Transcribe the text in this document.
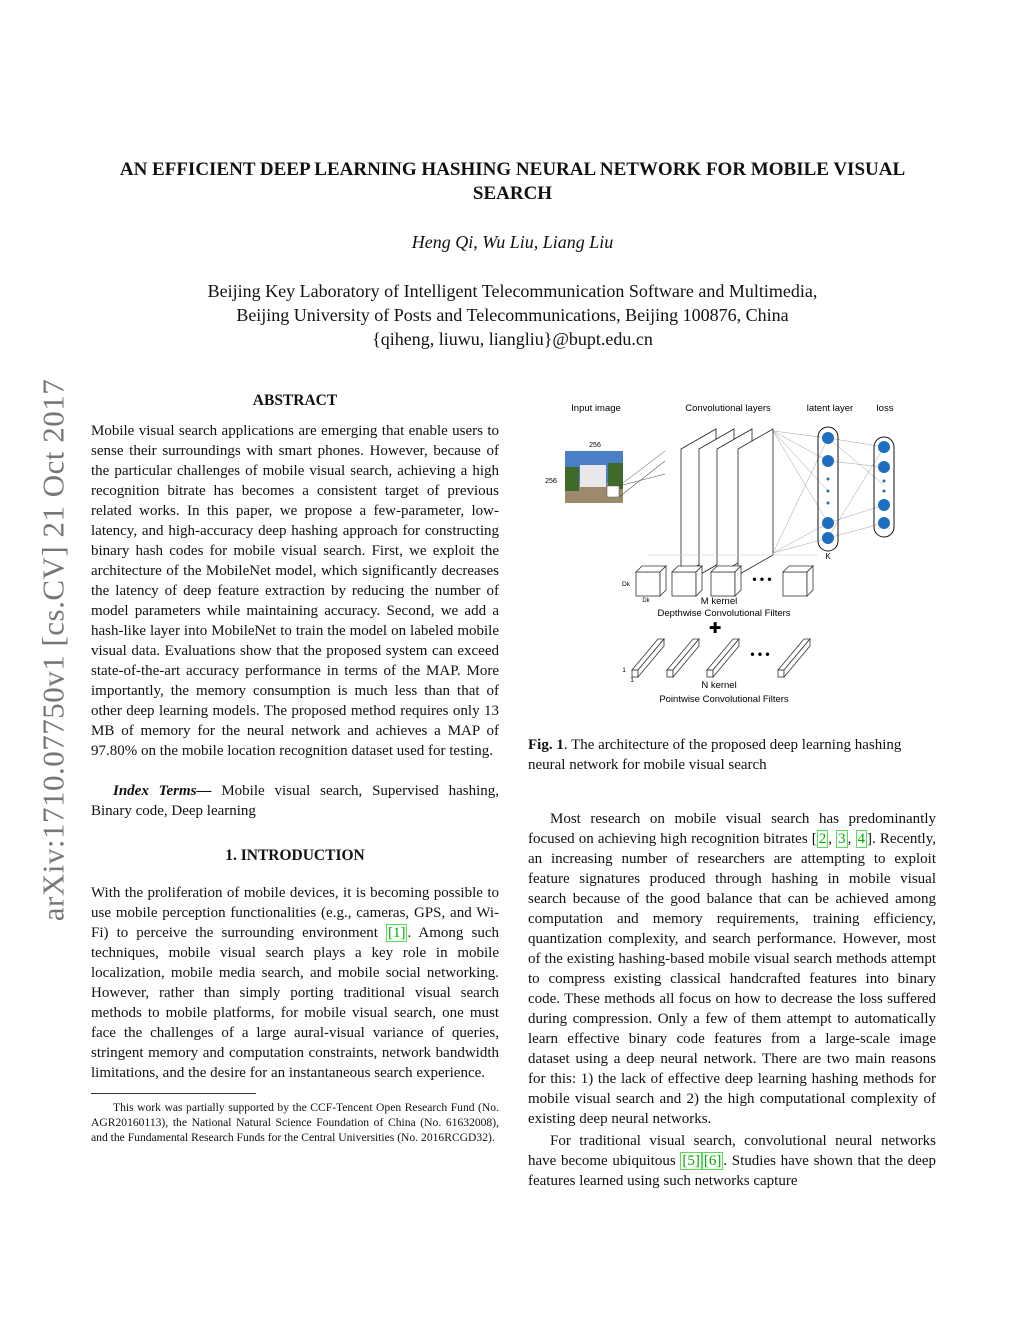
arXiv:1710.07750v1 [cs.CV] 21 Oct 2017
AN EFFICIENT DEEP LEARNING HASHING NEURAL NETWORK FOR MOBILE VISUAL
SEARCH
Heng Qi, Wu Liu, Liang Liu
Beijing Key Laboratory of Intelligent Telecommunication Software and Multimedia,
Beijing University of Posts and Telecommunications, Beijing 100876, China
{qiheng, liuwu, liangliu}@bupt.edu.cn
ABSTRACT

Mobile visual search applications are emerging that enable users to sense their surroundings with smart phones. However, because of the particular challenges of mobile visual search, achieving a high recognition bitrate has becomes a consistent target of previous related works. In this paper, we propose a few-parameter, low-latency, and high-accuracy deep hashing approach for constructing binary hash codes for mobile visual search. First, we exploit the architecture of the MobileNet model, which significantly decreases the latency of deep feature extraction by reducing the number of model parameters while maintaining accuracy. Second, we add a hash-like layer into MobileNet to train the model on labeled mobile visual data. Evaluations show that the proposed system can exceed state-of-the-art accuracy performance in terms of the MAP. More importantly, the memory consumption is much less than that of other deep learning models. The proposed method requires only 13 MB of memory for the neural network and achieves a MAP of 97.80% on the mobile location recognition dataset used for testing.

Index Terms— Mobile visual search, Supervised hashing, Binary code, Deep learning

1. INTRODUCTION

With the proliferation of mobile devices, it is becoming possible to use mobile perception functionalities (e.g., cameras, GPS, and Wi-Fi) to perceive the surrounding environment [1] . Among such techniques, mobile visual search plays a key role in mobile localization, mobile media search, and mobile social networking. However, rather than simply porting traditional visual search methods to mobile platforms, for mobile visual search, one must face the challenges of a large aural-visual variance of queries, stringent memory and computation constraints, network bandwidth limitations, and the desire for an instantaneous search experience.

This work was partially supported by the CCF-Tencent Open Research Fund (No. AGR20160113), the National Natural Science Foundation of China (No. 61632008), and the Fundamental Research Funds for the Central Universities (No. 2016RCGD32).

Input image	Convolutional layers	latent layer loss
256
256
K
• • •
Dk
Dk	M kernel
Depthwise Convolutional Filters
✚
• • •
1
1	N kernel
Pointwise Convolutional Filters

Fig. 1. The architecture of the proposed deep learning hashing neural network for mobile visual search

Most research on mobile visual search has predominantly focused on achieving high recognition bitrates [ 2 , 3 , 4 ]. Recently, an increasing number of researchers are attempting to exploit feature signatures produced through hashing in mobile visual search because of the good balance that can be achieved among computation and memory requirements, training efficiency, quantization complexity, and search performance. However, most of the existing hashing-based mobile visual search methods attempt to compress existing classical handcrafted features into binary code. These methods all focus on how to decrease the loss suffered during compression. Only a few of them attempt to automatically learn effective binary code features from a large-scale image dataset using a deep neural network. There are two main reasons for this: 1) the lack of effective deep learning hashing methods for mobile visual search and 2) the high computational complexity of existing deep neural networks.

For traditional visual search, convolutional neural networks have become ubiquitous [5] [6] . Studies have shown that the deep features learned using such networks capture
